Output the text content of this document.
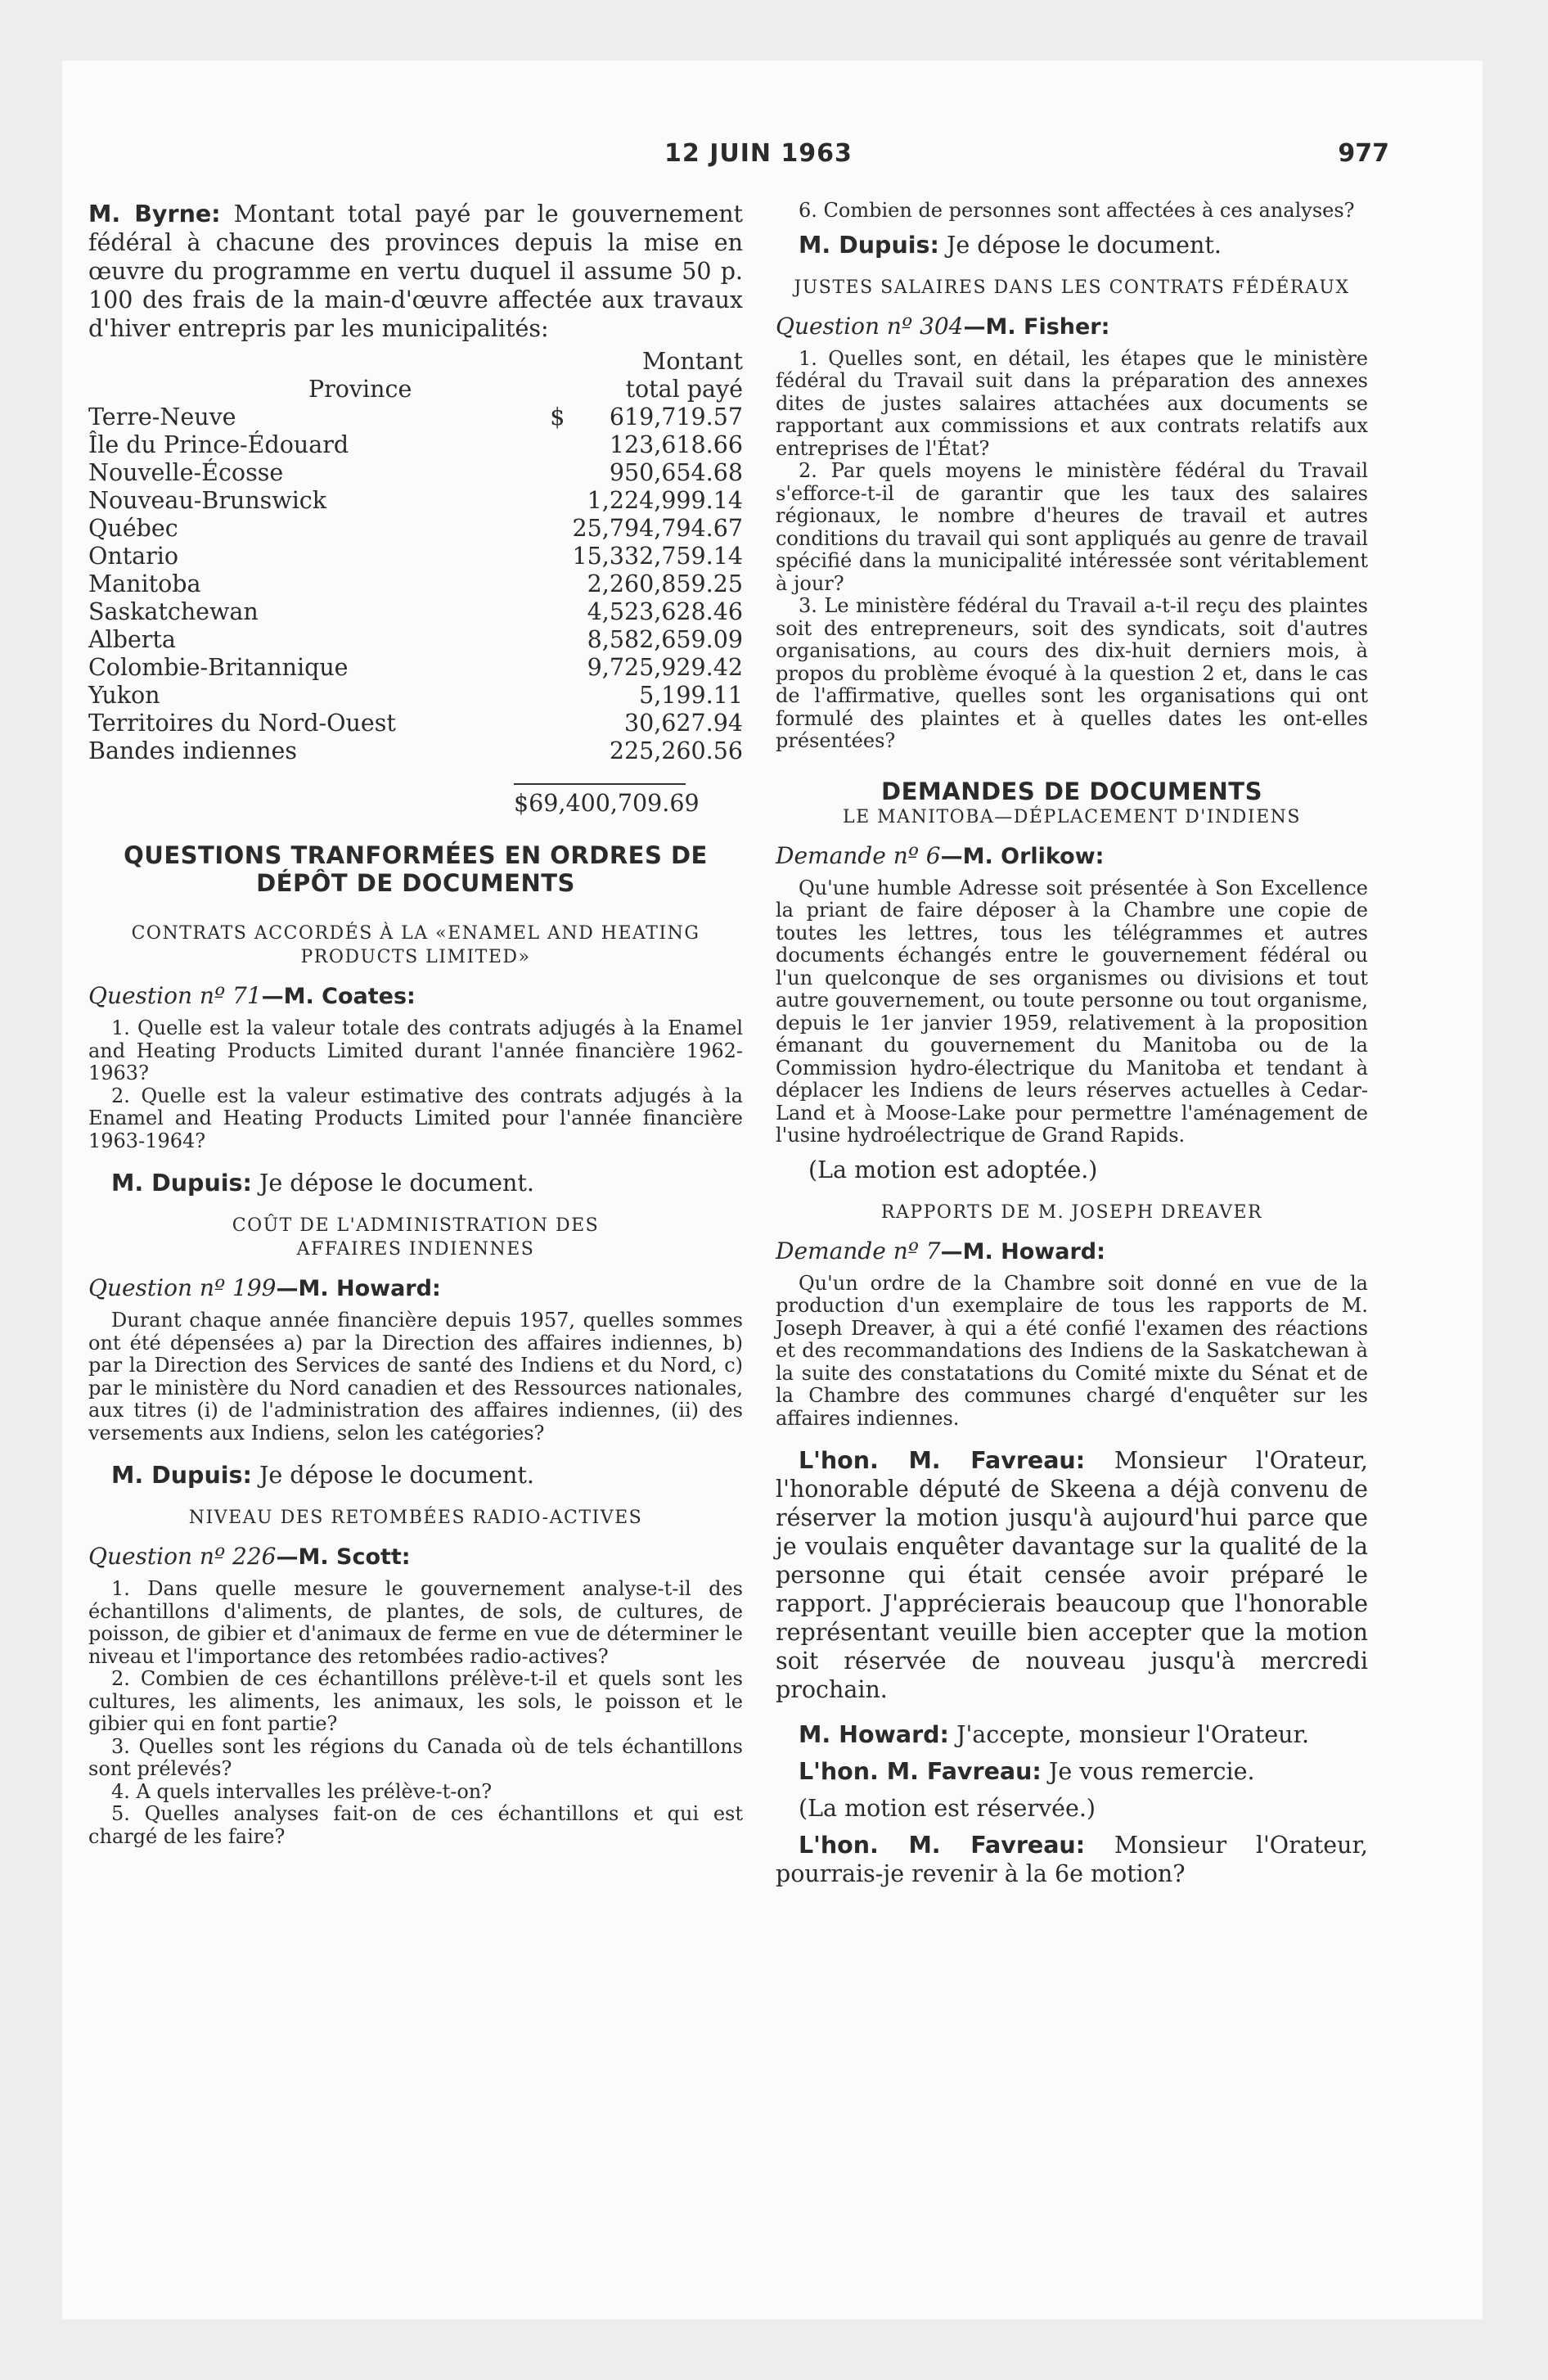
12 JUIN 1963	977

M. Byrne: Montant total payé par le gouvernement fédéral à chacune des provinces depuis la mise en œuvre du programme en vertu duquel il assume 50 p. 100 des frais de la main-d'œuvre affectée aux travaux d'hiver entrepris par les municipalités:

Province		Montant
total payé

Terre-Neuve	$	619,719.57
Île du Prince-Édouard		123,618.66
Nouvelle-Écosse		950,654.68
Nouveau-Brunswick		1,224,999.14
Québec		25,794,794.67
Ontario		15,332,759.14
Manitoba		2,260,859.25
Saskatchewan		4,523,628.46
Alberta		8,582,659.09
Colombie-Britannique		9,725,929.42
Yukon		5,199.11
Territoires du Nord-Ouest		30,627.94
Bandes indiennes		225,260.56

$69,400,709.69

QUESTIONS TRANFORMÉES EN ORDRES DE DÉPÔT DE DOCUMENTS

CONTRATS ACCORDÉS À LA «ENAMEL AND HEATING PRODUCTS LIMITED»

Question nº 71—M. Coates:

1. Quelle est la valeur totale des contrats adjugés à la Enamel and Heating Products Limited durant l'année financière 1962-1963?

2. Quelle est la valeur estimative des contrats adjugés à la Enamel and Heating Products Limited pour l'année financière 1963-1964?

M. Dupuis: Je dépose le document.

COÛT DE L'ADMINISTRATION DES AFFAIRES INDIENNES

Question nº 199—M. Howard:

Durant chaque année financière depuis 1957, quelles sommes ont été dépensées a) par la Direction des affaires indiennes, b) par la Direction des Services de santé des Indiens et du Nord, c) par le ministère du Nord canadien et des Ressources nationales, aux titres (i) de l'administration des affaires indiennes, (ii) des versements aux Indiens, selon les catégories?

M. Dupuis: Je dépose le document.

NIVEAU DES RETOMBÉES RADIO-ACTIVES

Question nº 226—M. Scott:

1. Dans quelle mesure le gouvernement analyse-t-il des échantillons d'aliments, de plantes, de sols, de cultures, de poisson, de gibier et d'animaux de ferme en vue de déterminer le niveau et l'importance des retombées radio-actives?

2. Combien de ces échantillons prélève-t-il et quels sont les cultures, les aliments, les animaux, les sols, le poisson et le gibier qui en font partie?

3. Quelles sont les régions du Canada où de tels échantillons sont prélevés?

4. A quels intervalles les prélève-t-on?

5. Quelles analyses fait-on de ces échantillons et qui est chargé de les faire?

6. Combien de personnes sont affectées à ces analyses?

M. Dupuis: Je dépose le document.

JUSTES SALAIRES DANS LES CONTRATS FÉDÉRAUX

Question nº 304—M. Fisher:

1. Quelles sont, en détail, les étapes que le ministère fédéral du Travail suit dans la préparation des annexes dites de justes salaires attachées aux documents se rapportant aux commissions et aux contrats relatifs aux entreprises de l'État?

2. Par quels moyens le ministère fédéral du Travail s'efforce-t-il de garantir que les taux des salaires régionaux, le nombre d'heures de travail et autres conditions du travail qui sont appliqués au genre de travail spécifié dans la municipalité intéressée sont véritablement à jour?

3. Le ministère fédéral du Travail a-t-il reçu des plaintes soit des entrepreneurs, soit des syndicats, soit d'autres organisations, au cours des dix-huit derniers mois, à propos du problème évoqué à la question 2 et, dans le cas de l'affirmative, quelles sont les organisations qui ont formulé des plaintes et à quelles dates les ont-elles présentées?

DEMANDES DE DOCUMENTS

LE MANITOBA—DÉPLACEMENT D'INDIENS

Demande nº 6—M. Orlikow:

Qu'une humble Adresse soit présentée à Son Excellence la priant de faire déposer à la Chambre une copie de toutes les lettres, tous les télégrammes et autres documents échangés entre le gouvernement fédéral ou l'un quelconque de ses organismes ou divisions et tout autre gouvernement, ou toute personne ou tout organisme, depuis le 1er janvier 1959, relativement à la proposition émanant du gouvernement du Manitoba ou de la Commission hydro-électrique du Manitoba et tendant à déplacer les Indiens de leurs réserves actuelles à Cedar-Land et à Moose-Lake pour permettre l'aménagement de l'usine hydroélectrique de Grand Rapids.

(La motion est adoptée.)

RAPPORTS DE M. JOSEPH DREAVER

Demande nº 7—M. Howard:

Qu'un ordre de la Chambre soit donné en vue de la production d'un exemplaire de tous les rapports de M. Joseph Dreaver, à qui a été confié l'examen des réactions et des recommandations des Indiens de la Saskatchewan à la suite des constatations du Comité mixte du Sénat et de la Chambre des communes chargé d'enquêter sur les affaires indiennes.

L'hon. M. Favreau: Monsieur l'Orateur, l'honorable député de Skeena a déjà convenu de réserver la motion jusqu'à aujourd'hui parce que je voulais enquêter davantage sur la qualité de la personne qui était censée avoir préparé le rapport. J'apprécierais beaucoup que l'honorable représentant veuille bien accepter que la motion soit réservée de nouveau jusqu'à mercredi prochain.

M. Howard: J'accepte, monsieur l'Orateur.

L'hon. M. Favreau: Je vous remercie.

(La motion est réservée.)

L'hon. M. Favreau: Monsieur l'Orateur, pourrais-je revenir à la 6e motion?
